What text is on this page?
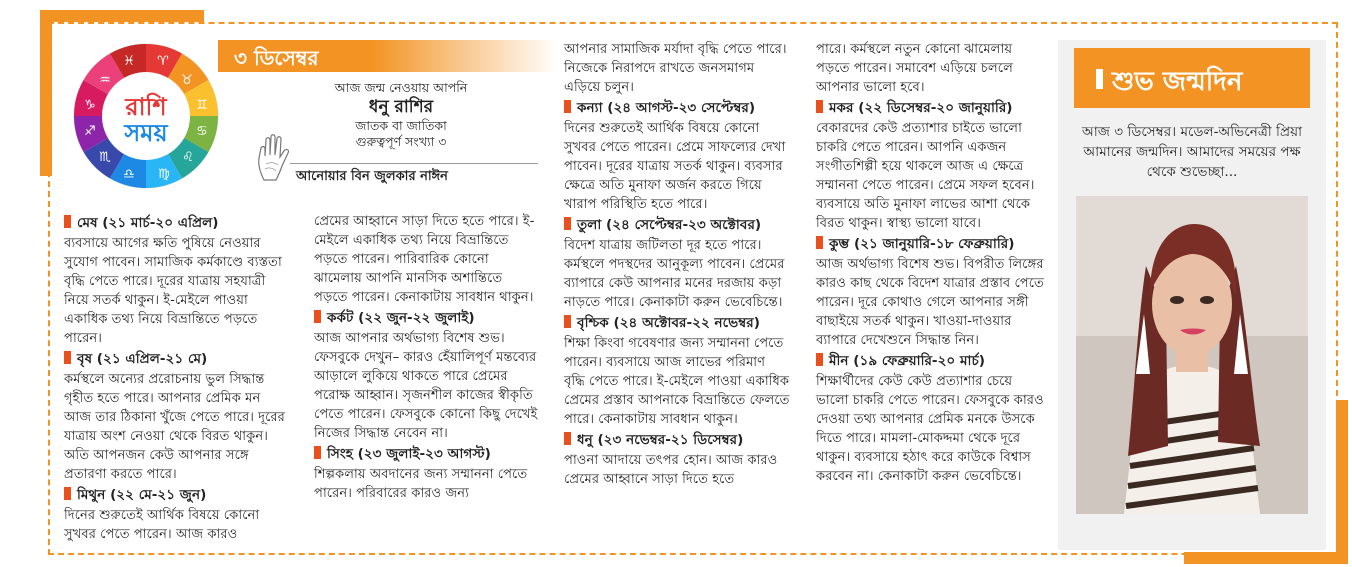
♈
♉
♊
♋
♌
♍
♎
♏
♐
♑
♒
♓
রাশি
সময়
৩ ডিসেম্বর
আজ জন্ম নেওয়ায় আপনি
ধনু রাশির
জাতক বা জাতিকা
গুরুত্বপূর্ণ সংখ্যা ৩
আনোয়ার বিন জুলকার নাঈন
মেষ (২১ মার্চ-২০ এপ্রিল)

ব্যবসায়ে আগের ক্ষতি পুষিয়ে নেওয়ার সুযোগ পাবেন। সামাজিক কর্মকাণ্ডে ব্যস্ততা বৃদ্ধি পেতে পারে। দূরের যাত্রায় সহযাত্রী নিয়ে সতর্ক থাকুন। ই-মেইলে পাওয়া একাধিক তথ্য নিয়ে বিভ্রান্তিতে পড়তে পারেন।

বৃষ (২১ এপ্রিল-২১ মে)

কর্মস্থলে অন্যের প্ররোচনায় ভুল সিদ্ধান্ত গৃহীত হতে পারে। আপনার প্রেমিক মন আজ তার ঠিকানা খুঁজে পেতে পারে। দূরের যাত্রায় অংশ নেওয়া থেকে বিরত থাকুন। অতি আপনজন কেউ আপনার সঙ্গে প্রতারণা করতে পারে।

মিথুন (২২ মে-২১ জুন)

দিনের শুরুতেই আর্থিক বিষয়ে কোনো সুখবর পেতে পারেন। আজ কারও

প্রেমের আহ্বানে সাড়া দিতে হতে পারে। ই-মেইলে একাধিক তথ্য নিয়ে বিভ্রান্তিতে পড়তে পারেন। পারিবারিক কোনো ঝামেলায় আপনি মানসিক অশান্তিতে পড়তে পারেন। কেনাকাটায় সাবধান থাকুন।

কর্কট (২২ জুন-২২ জুলাই)

আজ আপনার অর্থভাগ্য বিশেষ শুভ। ফেসবুকে দেখুন– কারও হেঁয়ালিপূর্ণ মন্তব্যের আড়ালে লুকিয়ে থাকতে পারে প্রেমের পরোক্ষ আহ্বান। সৃজনশীল কাজের স্বীকৃতি পেতে পারেন। ফেসবুকে কোনো কিছু দেখেই নিজের সিদ্ধান্ত নেবেন না।

সিংহ (২৩ জুলাই-২৩ আগস্ট)

শিল্পকলায় অবদানের জন্য সম্মাননা পেতে পারেন। পরিবারের কারও জন্য

আপনার সামাজিক মর্যাদা বৃদ্ধি পেতে পারে। নিজেকে নিরাপদে রাখতে জনসমাগম এড়িয়ে চলুন।

কন্যা (২৪ আগস্ট-২৩ সেপ্টেম্বর)

দিনের শুরুতেই আর্থিক বিষয়ে কোনো সুখবর পেতে পারেন। প্রেমে সাফল্যের দেখা পাবেন। দূরের যাত্রায় সতর্ক থাকুন। ব্যবসার ক্ষেত্রে অতি মুনাফা অর্জন করতে গিয়ে খারাপ পরিস্থিতি হতে পারে।

তুলা (২৪ সেপ্টেম্বর-২৩ অক্টোবর)

বিদেশ যাত্রায় জটিলতা দূর হতে পারে। কর্মস্থলে পদস্থদের আনুকূল্য পাবেন। প্রেমের ব্যাপারে কেউ আপনার মনের দরজায় কড়া নাড়তে পারে। কেনাকাটা করুন ভেবেচিন্তে।

বৃশ্চিক (২৪ অক্টোবর-২২ নভেম্বর)

শিক্ষা কিংবা গবেষণার জন্য সম্মাননা পেতে পারেন। ব্যবসায়ে আজ লাভের পরিমাণ বৃদ্ধি পেতে পারে। ই-মেইলে পাওয়া একাধিক প্রেমের প্রস্তাব আপনাকে বিভ্রান্তিতে ফেলতে পারে। কেনাকাটায় সাবধান থাকুন।

ধনু (২৩ নভেম্বর-২১ ডিসেম্বর)

পাওনা আদায়ে তৎপর হোন। আজ কারও প্রেমের আহ্বানে সাড়া দিতে হতে

পারে। কর্মস্থলে নতুন কোনো ঝামেলায় পড়তে পারেন। সমাবেশ এড়িয়ে চললে আপনার ভালো হবে।

মকর (২২ ডিসেম্বর-২০ জানুয়ারি)

বেকারদের কেউ প্রত্যাশার চাইতে ভালো চাকরি পেতে পারেন। আপনি একজন সংগীতশিল্পী হয়ে থাকলে আজ এ ক্ষেত্রে সম্মাননা পেতে পারেন। প্রেমে সফল হবেন। ব্যবসায়ে অতি মুনাফা লাভের আশা থেকে বিরত থাকুন। স্বাস্থ্য ভালো যাবে।

কুম্ভ (২১ জানুয়ারি-১৮ ফেব্রুয়ারি)

আজ অর্থভাগ্য বিশেষ শুভ। বিপরীত লিঙ্গের কারও কাছ থেকে বিদেশ যাত্রার প্রস্তাব পেতে পারেন। দূরে কোথাও গেলে আপনার সঙ্গী বাছাইয়ে সতর্ক থাকুন। খাওয়া-দাওয়ার ব্যাপারে দেখেশুনে সিদ্ধান্ত নিন।

মীন (১৯ ফেব্রুয়ারি-২০ মার্চ)

শিক্ষার্থীদের কেউ কেউ প্রত্যাশার চেয়ে ভালো চাকরি পেতে পারেন। ফেসবুকে কারও দেওয়া তথ্য আপনার প্রেমিক মনকে উসকে দিতে পারে। মামলা-মোকদ্দমা থেকে দূরে থাকুন। ব্যবসায়ে হঠাৎ করে কাউকে বিশ্বাস করবেন না। কেনাকাটা করুন ভেবেচিন্তে।

শুভ জন্মদিন
আজ ৩ ডিসেম্বর। মডেল-অভিনেত্রী প্রিয়া আমানের জন্মদিন। আমাদের সময়ের পক্ষ থেকে শুভেচ্ছা...
